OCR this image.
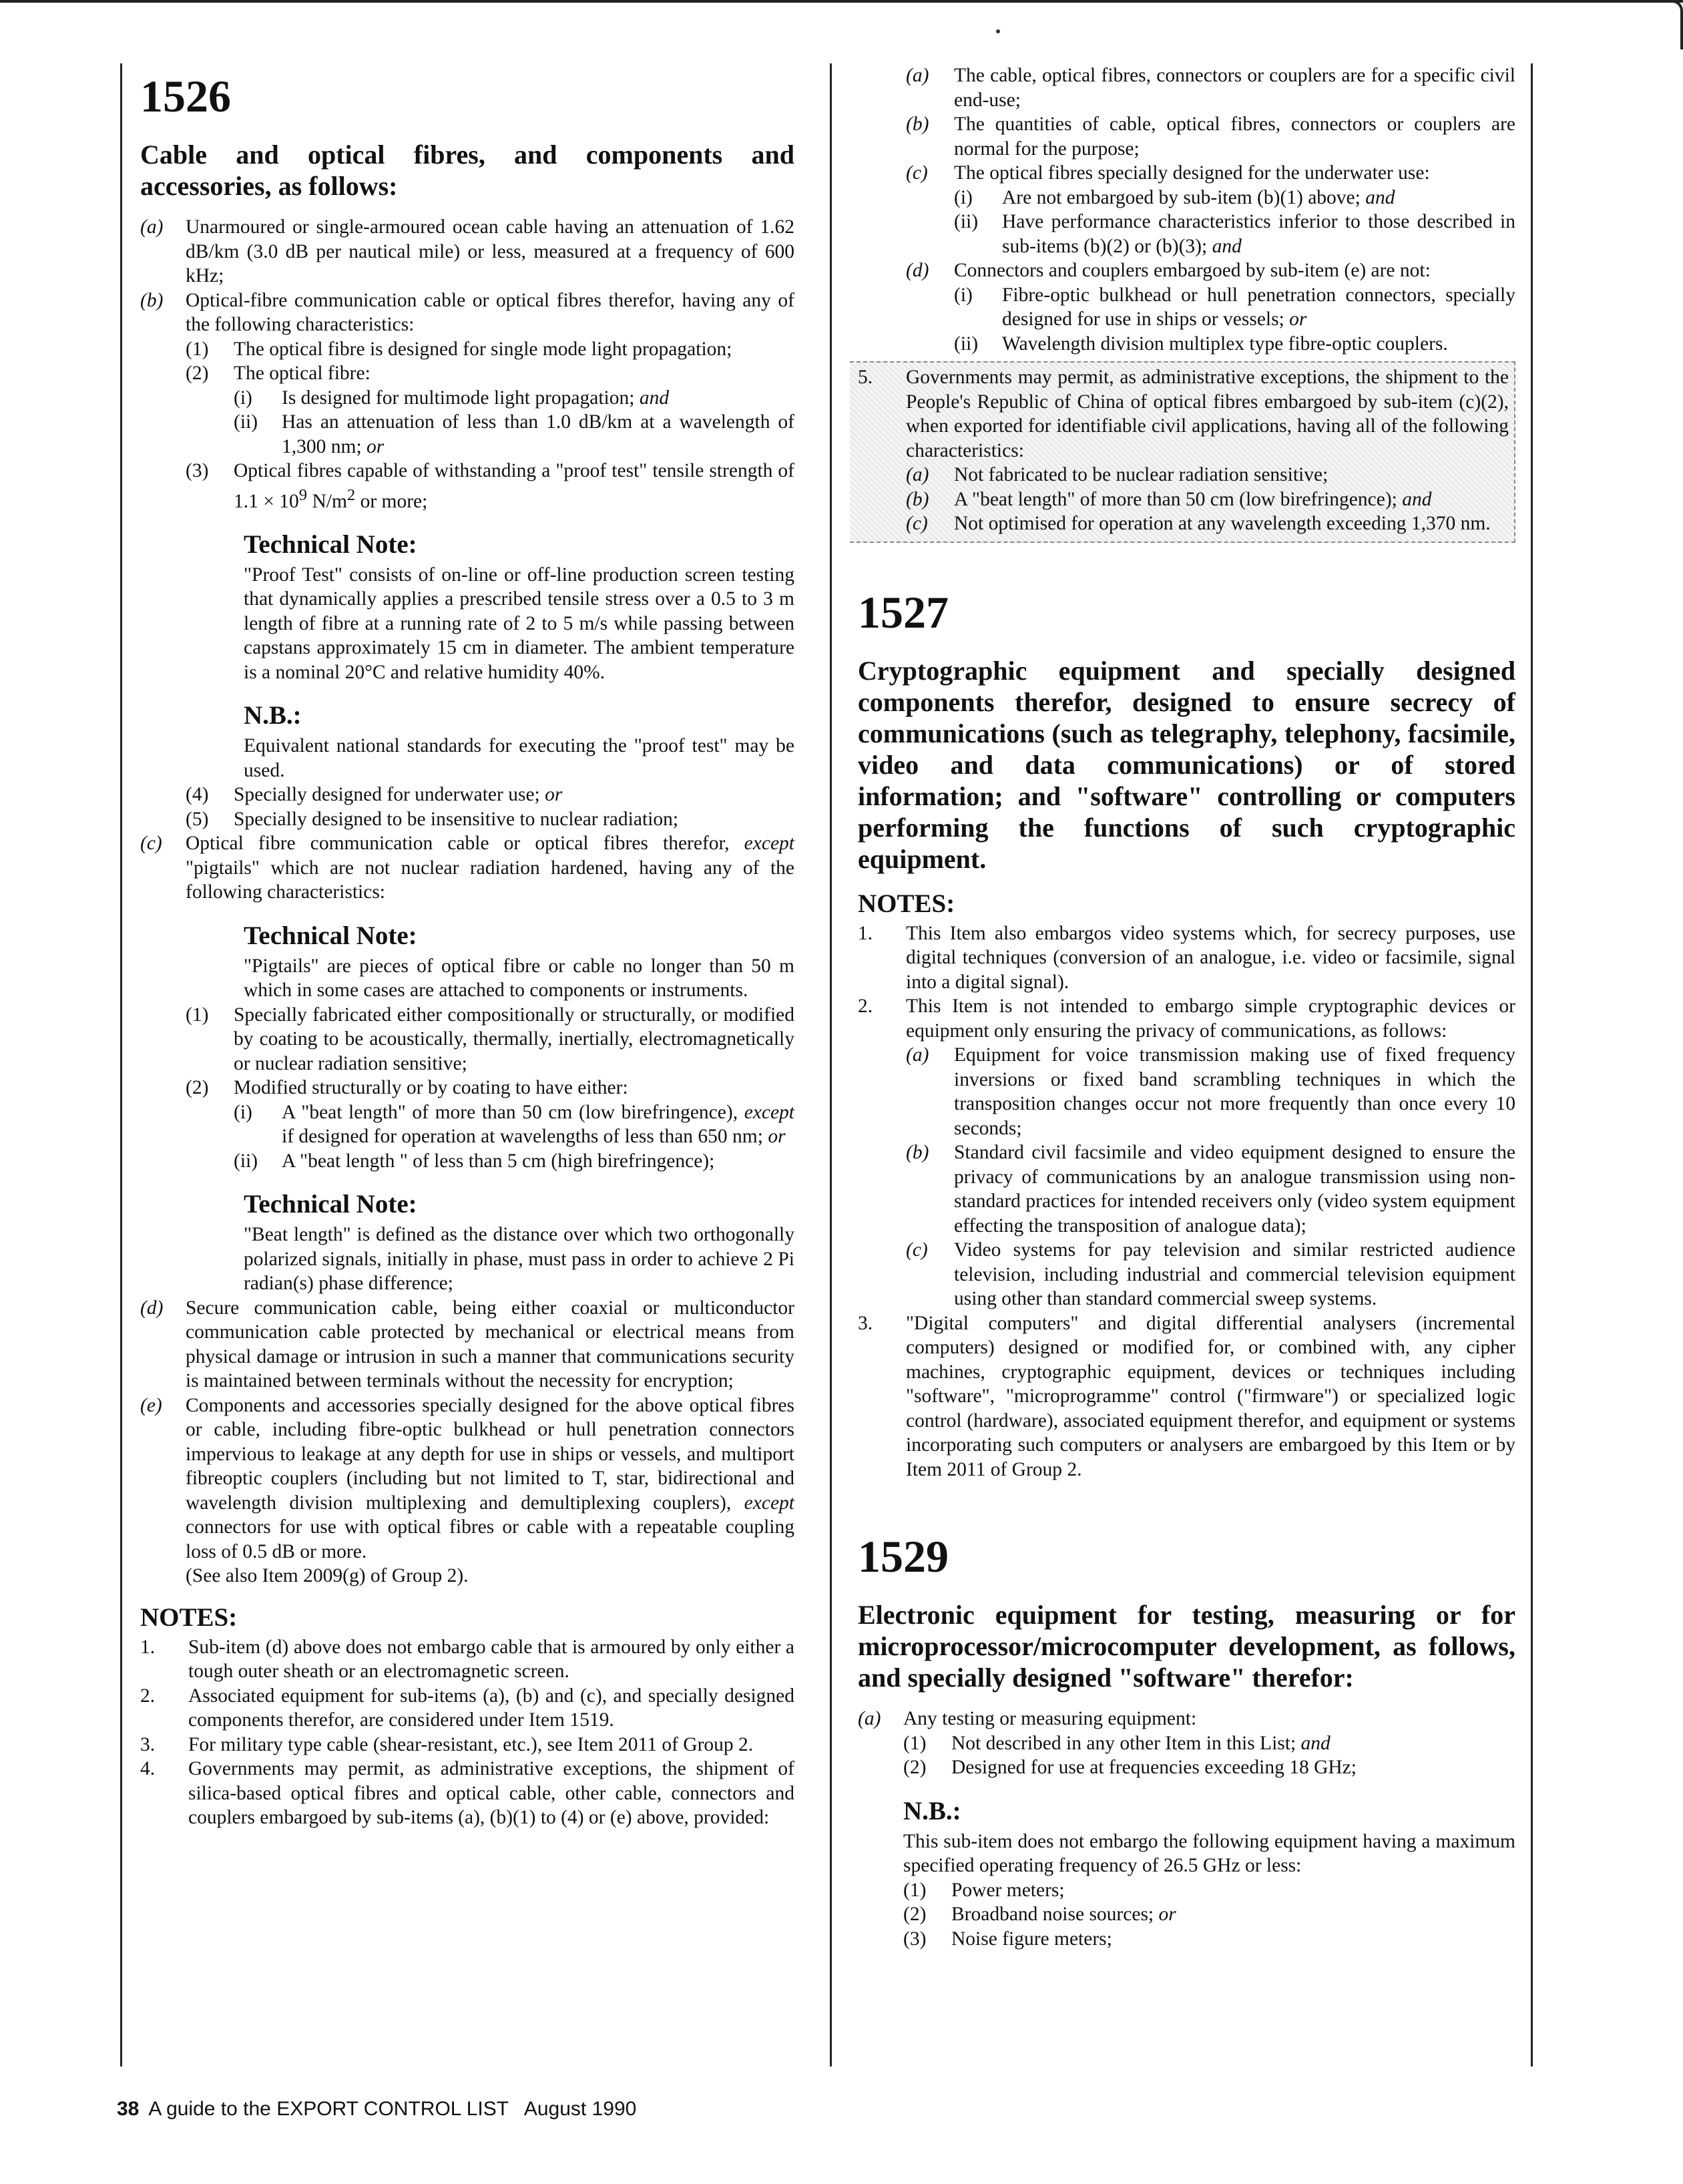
1526
Cable and optical fibres, and components and accessories, as follows:
(a)	Unarmoured or single-armoured ocean cable having an attenuation of 1.62 dB/km (3.0 dB per nautical mile) or less, measured at a frequency of 600 kHz;
(b)	Optical-fibre communication cable or optical fibres therefor, having any of the following characteristics:
(1)	The optical fibre is designed for single mode light propagation;
(2)	The optical fibre:
(i)	Is designed for multimode light propagation; and
(ii)	Has an attenuation of less than 1.0 dB/km at a wavelength of 1,300 nm; or
(3)	Optical fibres capable of withstanding a "proof test" tensile strength of $1.1 \times 10^9$ $N/m^2$ or more;
Technical Note:

"Proof Test" consists of on-line or off-line production screen testing that dynamically applies a prescribed tensile stress over a 0.5 to 3 m length of fibre at a running rate of 2 to 5 m/s while passing between capstans approximately 15 cm in diameter. The ambient temperature is a nominal 20°C and relative humidity 40%.

N.B.:

Equivalent national standards for executing the "proof test" may be used.

(4)	Specially designed for underwater use; or
(5)	Specially designed to be insensitive to nuclear radiation;
(c)	Optical fibre communication cable or optical fibres therefor, except "pigtails" which are not nuclear radiation hardened, having any of the following characteristics:
Technical Note:

"Pigtails" are pieces of optical fibre or cable no longer than 50 m which in some cases are attached to components or instruments.

(1)	Specially fabricated either compositionally or structurally, or modified by coating to be acoustically, thermally, inertially, electromagnetically or nuclear radiation sensitive;
(2)	Modified structurally or by coating to have either:
(i)	A "beat length" of more than 50 cm (low birefringence), except if designed for operation at wavelengths of less than 650 nm; or
(ii)	A "beat length " of less than 5 cm (high birefringence);
Technical Note:

"Beat length" is defined as the distance over which two orthogonally polarized signals, initially in phase, must pass in order to achieve 2 Pi radian(s) phase difference;

(d)	Secure communication cable, being either coaxial or multiconductor communication cable protected by mechanical or electrical means from physical damage or intrusion in such a manner that communications security is maintained between terminals without the necessity for encryption;
(e)	Components and accessories specially designed for the above optical fibres or cable, including fibre-optic bulkhead or hull penetration connectors impervious to leakage at any depth for use in ships or vessels, and multiport fibreoptic couplers (including but not limited to T, star, bidirectional and wavelength division multiplexing and demultiplexing couplers), except connectors for use with optical fibres or cable with a repeatable coupling loss of 0.5 dB or more.
(See also Item 2009(g) of Group 2).
NOTES:
1.	Sub-item (d) above does not embargo cable that is armoured by only either a tough outer sheath or an electromagnetic screen.
2.	Associated equipment for sub-items (a), (b) and (c), and specially designed components therefor, are considered under Item 1519.
3.	For military type cable (shear-resistant, etc.), see Item 2011 of Group 2.
4.	Governments may permit, as administrative exceptions, the shipment of silica-based optical fibres and optical cable, other cable, connectors and couplers embargoed by sub-items (a), (b)(1) to (4) or (e) above, provided:
(a)	The cable, optical fibres, connectors or couplers are for a specific civil end-use;
(b)	The quantities of cable, optical fibres, connectors or couplers are normal for the purpose;
(c)	The optical fibres specially designed for the underwater use:
(i)	Are not embargoed by sub-item (b)(1) above; and
(ii)	Have performance characteristics inferior to those described in sub-items (b)(2) or (b)(3); and
(d)	Connectors and couplers embargoed by sub-item (e) are not:
(i)	Fibre-optic bulkhead or hull penetration connectors, specially designed for use in ships or vessels; or
(ii)	Wavelength division multiplex type fibre-optic couplers.
5.	Governments may permit, as administrative exceptions, the shipment to the People's Republic of China of optical fibres embargoed by sub-item (c)(2), when exported for identifiable civil applications, having all of the following characteristics:
(a)	Not fabricated to be nuclear radiation sensitive;
(b)	A "beat length" of more than 50 cm (low birefringence); and
(c)	Not optimised for operation at any wavelength exceeding 1,370 nm.
1527
Cryptographic equipment and specially designed components therefor, designed to ensure secrecy of communications (such as telegraphy, telephony, facsimile, video and data communications) or of stored information; and "software" controlling or computers performing the functions of such cryptographic equipment.
NOTES:
1.	This Item also embargos video systems which, for secrecy purposes, use digital techniques (conversion of an analogue, i.e. video or facsimile, signal into a digital signal).
2.	This Item is not intended to embargo simple cryptographic devices or equipment only ensuring the privacy of communications, as follows:
(a)	Equipment for voice transmission making use of fixed frequency inversions or fixed band scrambling techniques in which the transposition changes occur not more frequently than once every 10 seconds;
(b)	Standard civil facsimile and video equipment designed to ensure the privacy of communications by an analogue transmission using non-standard practices for intended receivers only (video system equipment effecting the transposition of analogue data);
(c)	Video systems for pay television and similar restricted audience television, including industrial and commercial television equipment using other than standard commercial sweep systems.
3.	"Digital computers" and digital differential analysers (incremental computers) designed or modified for, or combined with, any cipher machines, cryptographic equipment, devices or techniques including "software", "microprogramme" control ("firmware") or specialized logic control (hardware), associated equipment therefor, and equipment or systems incorporating such computers or analysers are embargoed by this Item or by Item 2011 of Group 2.
1529
Electronic equipment for testing, measuring or for microprocessor/microcomputer development, as follows, and specially designed "software" therefor:
(a)	Any testing or measuring equipment:
(1)	Not described in any other Item in this List; and
(2)	Designed for use at frequencies exceeding 18 GHz;
N.B.:

This sub-item does not embargo the following equipment having a maximum specified operating frequency of 26.5 GHz or less:

(1)	Power meters;
(2)	Broadband noise sources; or
(3)	Noise figure meters;
38 A guide to the EXPORT CONTROL LIST   August 1990
